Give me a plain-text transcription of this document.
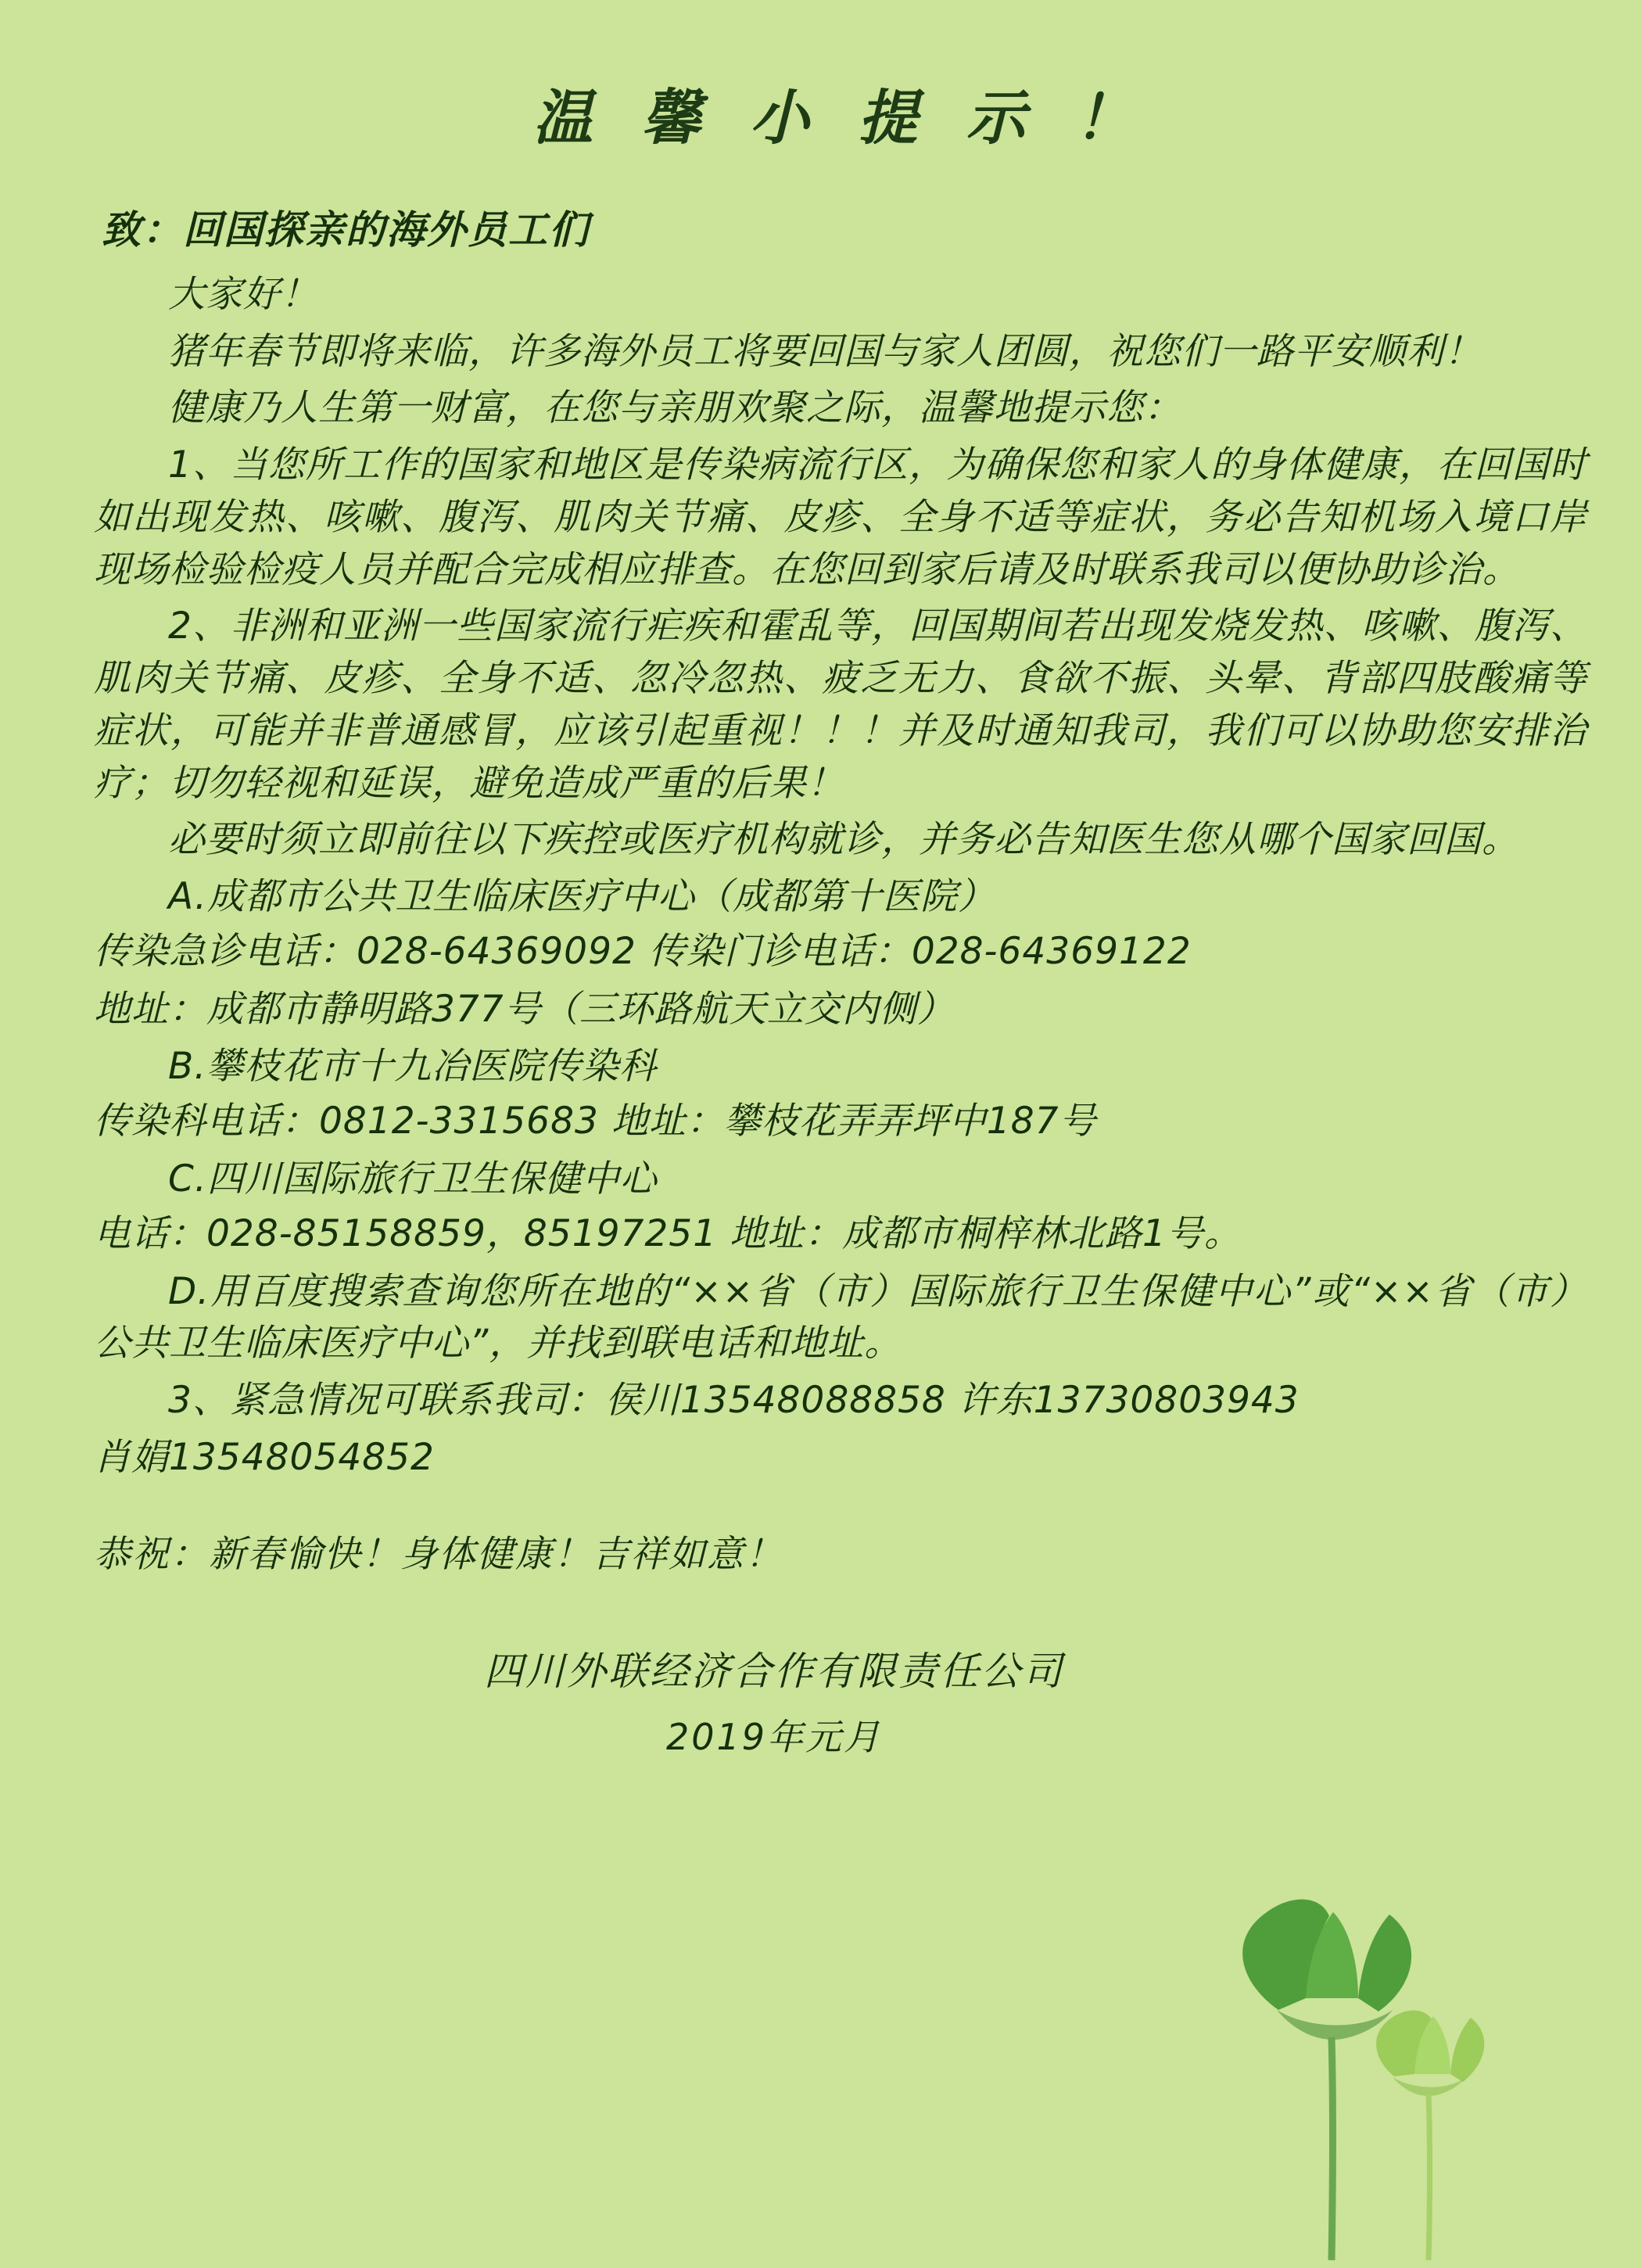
温 馨 小 提 示 ！
致：回国探亲的海外员工们

大家好！

猪年春节即将来临，许多海外员工将要回国与家人团圆，祝您们一路平安顺利！

健康乃人生第一财富，在您与亲朋欢聚之际，温馨地提示您：

1、当您所工作的国家和地区是传染病流行区，为确保您和家人的身体健康，在回国时如出现发热、咳嗽、腹泻、肌肉关节痛、皮疹、全身不适等症状，务必告知机场入境口岸现场检验检疫人员并配合完成相应排查。在您回到家后请及时联系我司以便协助诊治。

2、非洲和亚洲一些国家流行疟疾和霍乱等，回国期间若出现发烧发热、咳嗽、腹泻、肌肉关节痛、皮疹、全身不适、忽冷忽热、疲乏无力、食欲不振、头晕、背部四肢酸痛等症状，可能并非普通感冒，应该引起重视！！！并及时通知我司，我们可以协助您安排治疗；切勿轻视和延误，避免造成严重的后果！

必要时须立即前往以下疾控或医疗机构就诊，并务必告知医生您从哪个国家回国。

A.成都市公共卫生临床医疗中心（成都第十医院）

传染急诊电话：028-64369092 传染门诊电话：028-64369122

地址：成都市静明路377号（三环路航天立交内侧）

B.攀枝花市十九冶医院传染科

传染科电话：0812-3315683 地址：攀枝花弄弄坪中187号

C.四川国际旅行卫生保健中心

电话：028-85158859，85197251 地址：成都市桐梓林北路1号。

D.用百度搜索查询您所在地的“××省（市）国际旅行卫生保健中心”或“××省（市）公共卫生临床医疗中心”，并找到联电话和地址。

3、紧急情况可联系我司：侯川13548088858 许东13730803943

肖娟13548054852

恭祝：新春愉快！身体健康！吉祥如意！

四川外联经济合作有限责任公司
2019年元月
